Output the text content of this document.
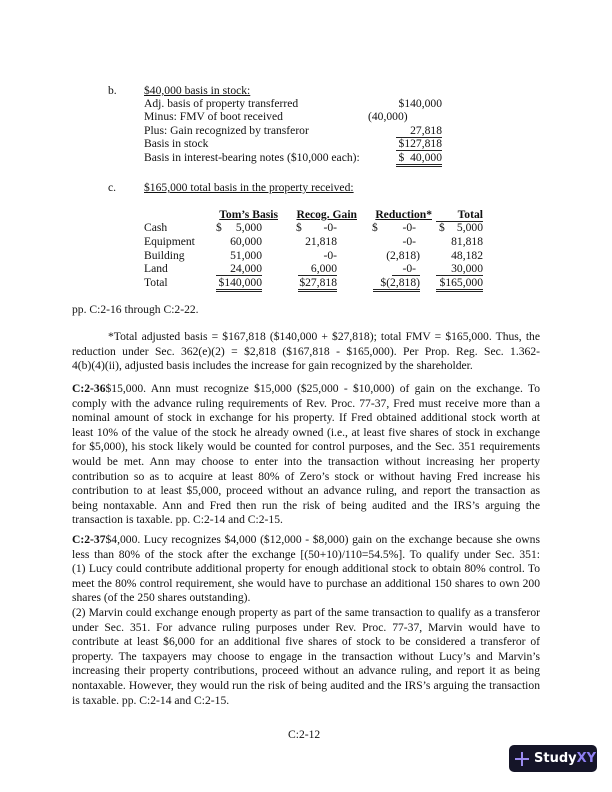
b. $40,000 basis in stock:
Adj. basis of property transferred	$140,000
Minus: FMV of boot received	(40,000)
Plus: Gain recognized by transferor	27,818
Basis in stock	$127,818
Basis in interest-bearing notes ($10,000 each):	$  40,000
c. $165,000 total basis in the property received:
Tom’s Basis	Recog. Gain	Reduction*	Total
Cash	$	5,000	$	-0-	$	-0- $	5,000
Equipment	60,000	21,818	-0-	81,818
Building	51,000	-0-	(2,818)	48,182
Land	24,000	6,000	-0-	30,000
Total	$140,000	$27,818	$(2,818)	$165,000
pp. C:2-16 through C:2-22.
*Total adjusted basis = $167,818 ($140,000 + $27,818); total FMV = $165,000. Thus, the
reduction under Sec. 362(e)(2) = $2,818 ($167,818 - $165,000). Per Prop. Reg. Sec. 1.362-
4(b)(4)(ii), adjusted basis includes the increase for gain recognized by the shareholder.
C:2-36$15,000. Ann must recognize $15,000 ($25,000 - $10,000) of gain on the exchange. To
comply with the advance ruling requirements of Rev. Proc. 77-37, Fred must receive more than a
nominal amount of stock in exchange for his property. If Fred obtained additional stock worth at
least 10% of the value of the stock he already owned (i.e., at least five shares of stock in exchange
for $5,000), his stock likely would be counted for control purposes, and the Sec. 351 requirements
would be met. Ann may choose to enter into the transaction without increasing her property
contribution so as to acquire at least 80% of Zero’s stock or without having Fred increase his
contribution to at least $5,000, proceed without an advance ruling, and report the transaction as
being nontaxable. Ann and Fred then run the risk of being audited and the IRS’s arguing the
transaction is taxable. pp. C:2-14 and C:2-15.
C:2-37$4,000. Lucy recognizes $4,000 ($12,000 - $8,000) gain on the exchange because she owns
less than 80% of the stock after the exchange [(50+10)/110=54.5%]. To qualify under Sec. 351:
(1) Lucy could contribute additional property for enough additional stock to obtain 80% control. To
meet the 80% control requirement, she would have to purchase an additional 150 shares to own 200
shares (of the 250 shares outstanding).
(2) Marvin could exchange enough property as part of the same transaction to qualify as a transferor
under Sec. 351. For advance ruling purposes under Rev. Proc. 77-37, Marvin would have to
contribute at least $6,000 for an additional five shares of stock to be considered a transferor of
property. The taxpayers may choose to engage in the transaction without Lucy’s and Marvin’s
increasing their property contributions, proceed without an advance ruling, and report it as being
nontaxable. However, they would run the risk of being audited and the IRS’s arguing the transaction
is taxable. pp. C:2-14 and C:2-15.
C:2-12
Study XY
